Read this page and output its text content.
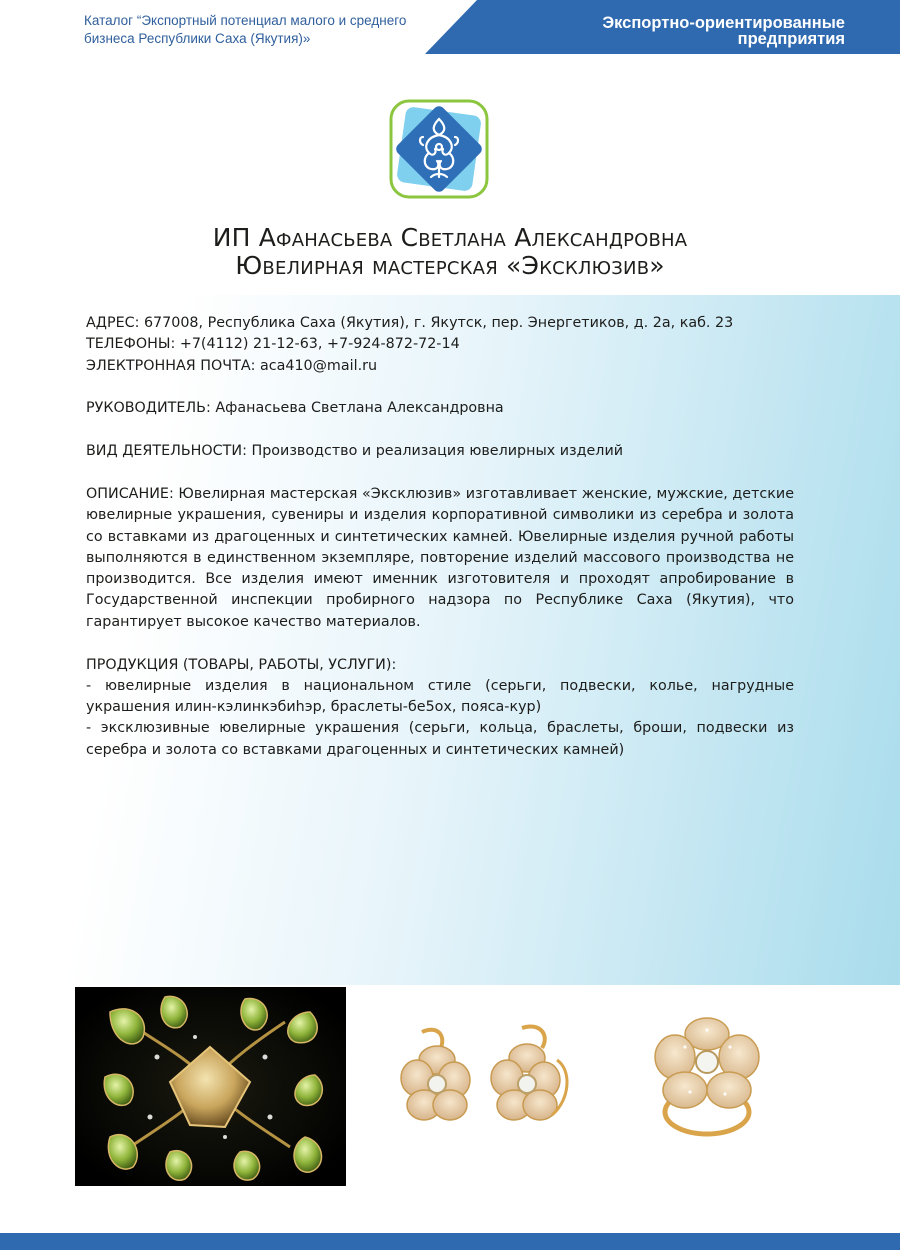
Каталог “Экспортный потенциал малого и среднего
бизнеса Республики Саха (Якутия)»
Экспортно-ориентированные
предприятия
ИП Афанасьева Светлана Александровна
Ювелирная мастерская «Эксклюзив»

АДРЕС: 677008, Республика Саха (Якутия), г. Якутск, пер. Энергетиков, д. 2а, каб. 23

ТЕЛЕФОНЫ: +7(4112) 21-12-63, +7-924-872-72-14

ЭЛЕКТРОННАЯ ПОЧТА: aca410@mail.ru

РУКОВОДИТЕЛЬ: Афанасьева Светлана Александровна

ВИД ДЕЯТЕЛЬНОСТИ: Производство и реализация ювелирных изделий

ОПИСАНИЕ: Ювелирная мастерская «Эксклюзив» изготавливает женские, мужские, детские ювелирные украшения, сувениры и изделия корпоративной символики из серебра и золота со вставками из драгоценных и синтетических камней. Ювелирные изделия ручной работы выполняются в единственном экземпляре, повторение изделий массового производства не производится. Все изделия имеют именник изготовителя и проходят апробирование в Государственной инспекции пробирного надзора по Республике Саха (Якутия), что гарантирует высокое качество материалов.

ПРОДУКЦИЯ (ТОВАРЫ, РАБОТЫ, УСЛУГИ):

- ювелирные изделия в национальном стиле (серьги, подвески, колье, нагрудные украшения илин-кэлинкэбиһэр, браслеты-бе5ох, пояса-кур)

- эксклюзивные ювелирные украшения (серьги, кольца, браслеты, броши, подвески из серебра и золота со вставками драгоценных и синтетических камней)
